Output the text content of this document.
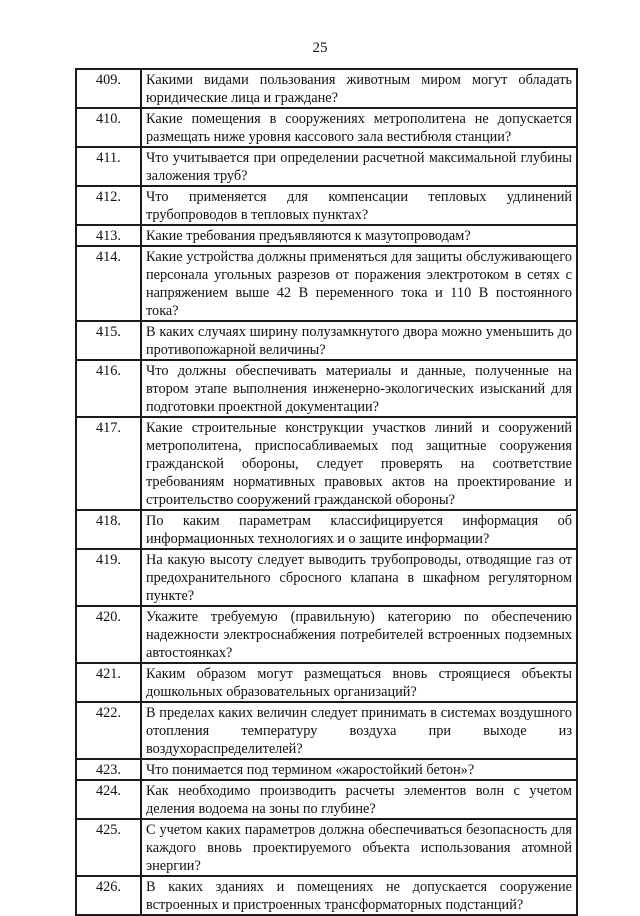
25
409.	Какими видами пользования животным миром могут обладать юридические лица и граждане?
410.	Какие помещения в сооружениях метрополитена не допускается размещать ниже уровня кассового зала вестибюля станции?
411.	Что учитывается при определении расчетной максимальной глубины заложения труб?
412.	Что применяется для компенсации тепловых удлинений трубопроводов в тепловых пунктах?
413.	Какие требования предъявляются к мазутопроводам?
414.	Какие устройства должны применяться для защиты обслуживающего персонала угольных разрезов от поражения электротоком в сетях с напряжением выше 42 В переменного тока и 110 В постоянного тока?
415.	В каких случаях ширину полузамкнутого двора можно уменьшить до противопожарной величины?
416.	Что должны обеспечивать материалы и данные, полученные на втором этапе выполнения инженерно-экологических изысканий для подготовки проектной документации?
417.	Какие строительные конструкции участков линий и сооружений метрополитена, приспосабливаемых под защитные сооружения гражданской обороны, следует проверять на соответствие требованиям нормативных правовых актов на проектирование и строительство сооружений гражданской обороны?
418.	По каким параметрам классифицируется информация об информационных технологиях и о защите информации?
419.	На какую высоту следует выводить трубопроводы, отводящие газ от предохранительного сбросного клапана в шкафном регуляторном пункте?
420.	Укажите требуемую (правильную) категорию по обеспечению надежности электроснабжения потребителей встроенных подземных автостоянках?
421.	Каким образом могут размещаться вновь строящиеся объекты дошкольных образовательных организаций?
422.	В пределах каких величин следует принимать в системах воздушного отопления температуру воздуха при выходе из воздухораспределителей?
423.	Что понимается под термином «жаростойкий бетон»?
424.	Как необходимо производить расчеты элементов волн с учетом деления водоема на зоны по глубине?
425.	С учетом каких параметров должна обеспечиваться безопасность для каждого вновь проектируемого объекта использования атомной энергии?
426.	В каких зданиях и помещениях не допускается сооружение встроенных и пристроенных трансформаторных подстанций?
